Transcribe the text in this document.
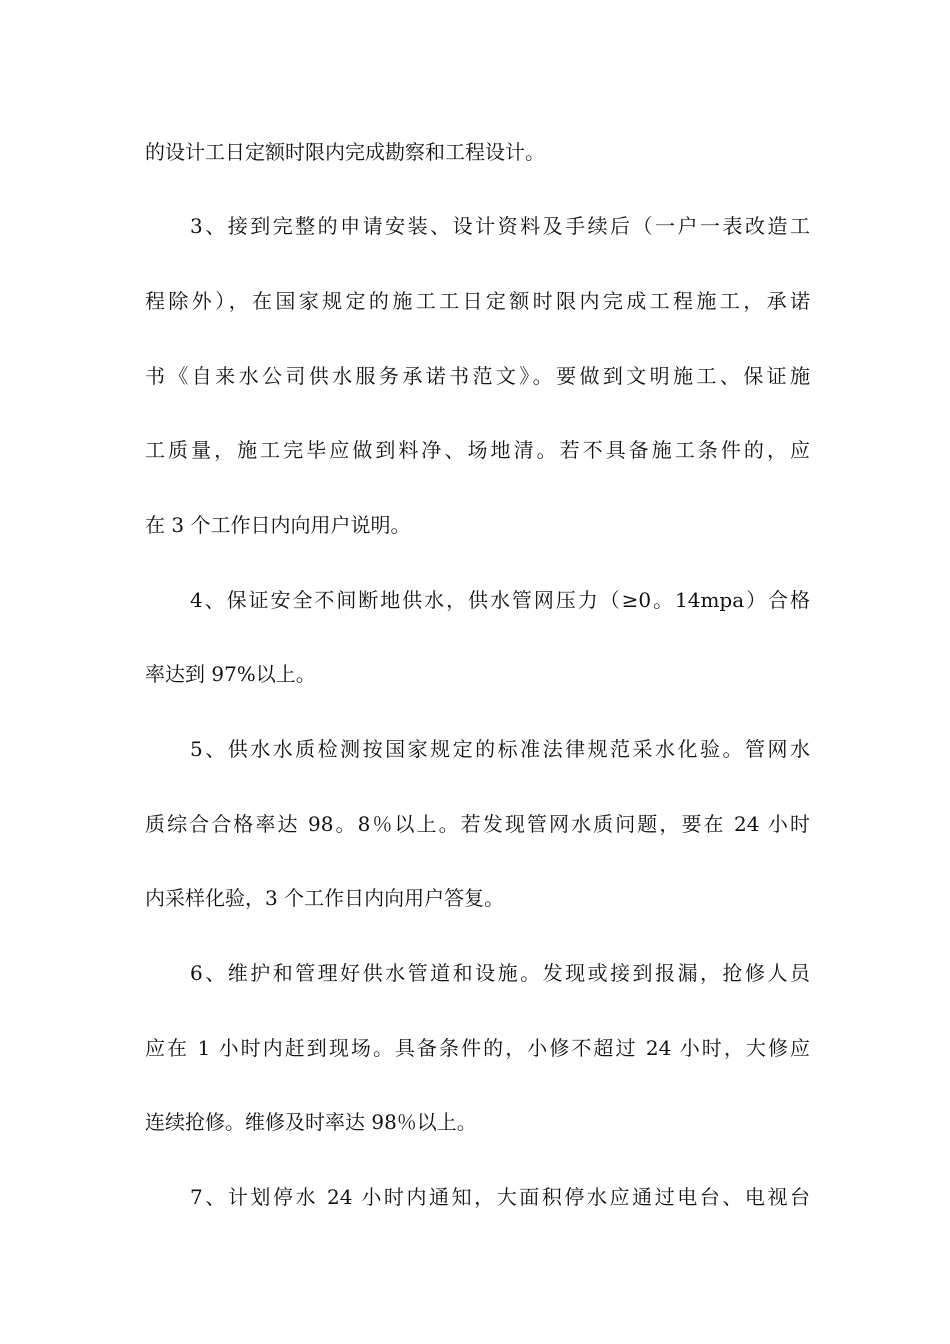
的设计工日定额时限内完成勘察和工程设计。
3、接到完整的申请安装、设计资料及手续后（一户一表改造工
程除外），在国家规定的施工工日定额时限内完成工程施工，承诺
书《自来水公司供水服务承诺书范文》。要做到文明施工、保证施
工质量，施工完毕应做到料净、场地清。若不具备施工条件的，应
在 3 个工作日内向用户说明。
4、保证安全不间断地供水，供水管网压力（≥0。14mpa）合格
率达到 97%以上。
5、供水水质检测按国家规定的标准法律规范采水化验。管网水
质综合合格率达 98。8％以上。若发现管网水质问题，要在 24 小时
内采样化验，3 个工作日内向用户答复。
6、维护和管理好供水管道和设施。发现或接到报漏，抢修人员
应在 1 小时内赶到现场。具备条件的，小修不超过 24 小时，大修应
连续抢修。维修及时率达 98％以上。
7、计划停水 24 小时内通知，大面积停水应通过电台、电视台
